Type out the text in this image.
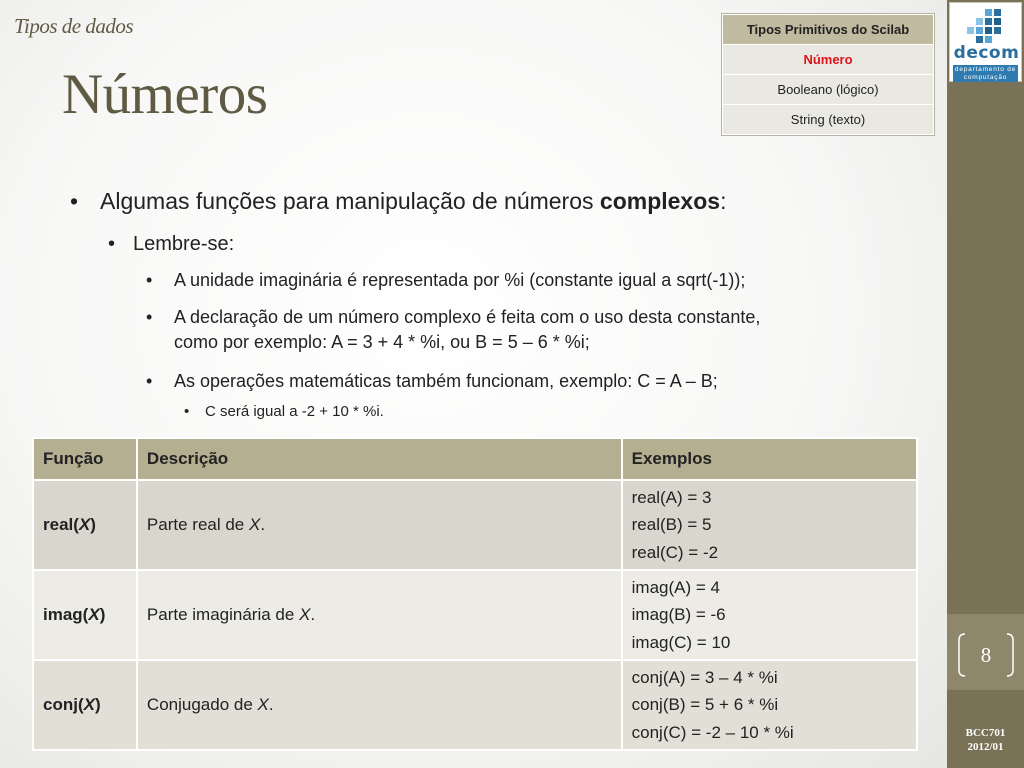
decom
departamento de computação
8
BCC701
2012/01
Tipos de dados
Números
Tipos Primitivos do Scilab
Número
Booleano (lógico)
String (texto)
• Algumas funções para manipulação de números complexos:
• Lembre-se:
• A unidade imaginária é representada por %i (constante igual a sqrt(-1));
• A declaração de um número complexo é feita com o uso desta constante,
como por exemplo: A = 3 + 4 * %i, ou B = 5 – 6 * %i;
• As operações matemáticas também funcionam, exemplo: C = A – B;
• C será igual a -2 + 10 * %i.
Função	Descrição	Exemplos
real(X)	Parte real de X.	real(A) = 3
real(B) = 5
real(C) = -2

imag(X)	Parte imaginária de X.	imag(A) = 4
imag(B) = -6
imag(C) = 10

conj(X)	Conjugado de X.	conj(A) = 3 – 4 * %i
conj(B) = 5 + 6 * %i
conj(C) = -2 – 10 * %i
